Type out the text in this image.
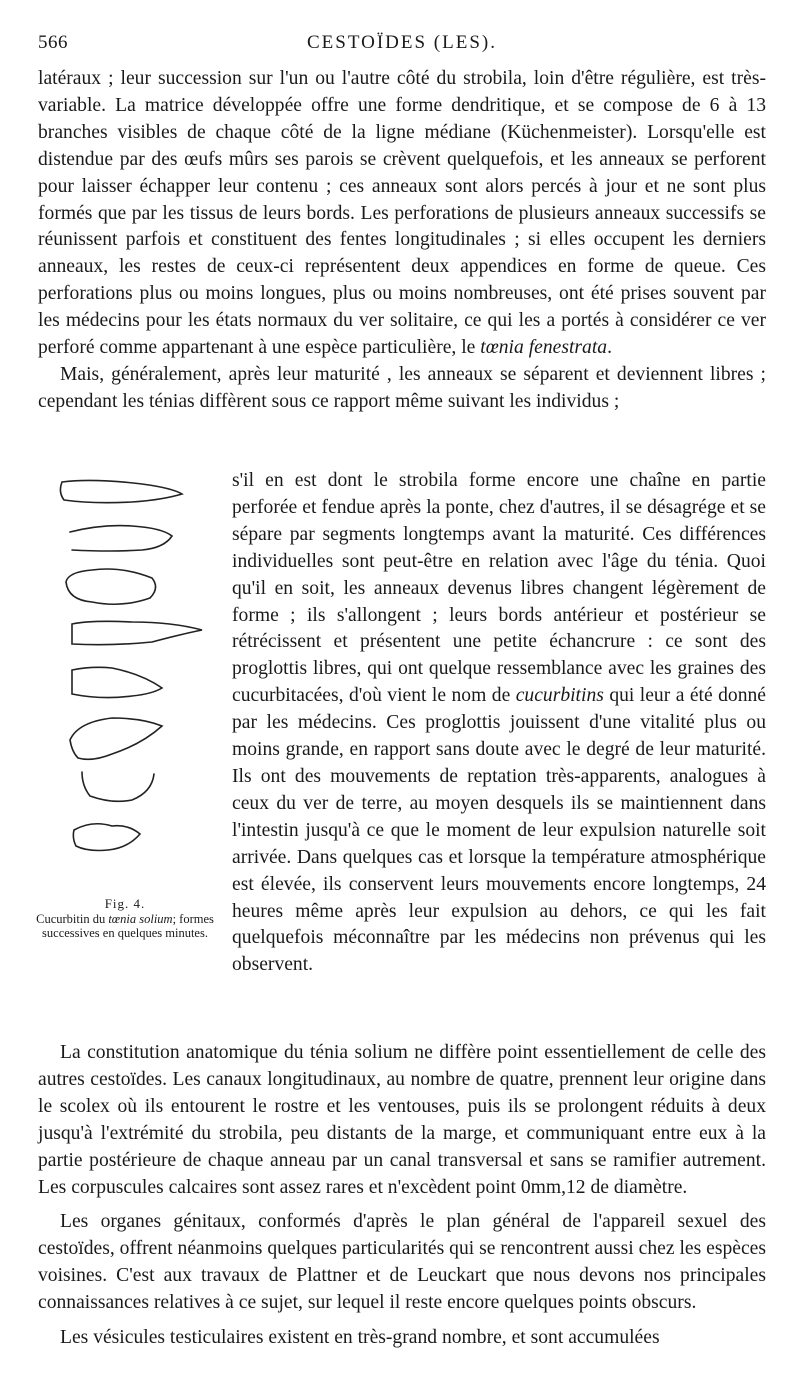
566	CESTOÏDES (LES).

latéraux ; leur succession sur l'un ou l'autre côté du strobila, loin d'être régulière, est très-variable. La matrice développée offre une forme dendritique, et se compose de 6 à 13 branches visibles de chaque côté de la ligne médiane (Küchenmeister). Lorsqu'elle est distendue par des œufs mûrs ses parois se crèvent quelquefois, et les anneaux se perforent pour laisser échapper leur contenu ; ces anneaux sont alors percés à jour et ne sont plus formés que par les tissus de leurs bords. Les perforations de plusieurs anneaux successifs se réunissent parfois et constituent des fentes longitudinales ; si elles occupent les derniers anneaux, les restes de ceux-ci représentent deux appendices en forme de queue. Ces perforations plus ou moins longues, plus ou moins nombreuses, ont été prises souvent par les médecins pour les états normaux du ver solitaire, ce qui les a portés à considérer ce ver perforé comme appartenant à une espèce particulière, le tœnia fenestrata.

Mais, généralement, après leur maturité , les anneaux se séparent et deviennent libres ; cependant les ténias diffèrent sous ce rapport même suivant les individus ;

Fig. 4.
Cucurbitin du tœnia solium; formes successives en quelques minutes.

s'il en est dont le strobila forme encore une chaîne en partie perforée et fendue après la ponte, chez d'autres, il se désagrége et se sépare par segments longtemps avant la maturité. Ces différences individuelles sont peut-être en relation avec l'âge du ténia. Quoi qu'il en soit, les anneaux devenus libres changent légèrement de forme ; ils s'allongent ; leurs bords antérieur et postérieur se rétrécissent et présentent une petite échancrure : ce sont des proglottis libres, qui ont quelque ressemblance avec les graines des cucurbitacées, d'où vient le nom de cucurbitins qui leur a été donné par les médecins. Ces proglottis jouissent d'une vitalité plus ou moins grande, en rapport sans doute avec le degré de leur maturité. Ils ont des mouvements de reptation très-apparents, analogues à ceux du ver de terre, au moyen desquels ils se maintiennent dans l'intestin jusqu'à ce que le moment de leur expulsion naturelle soit arrivée. Dans quelques cas et lorsque la température atmosphérique est élevée, ils conservent leurs mouvements encore longtemps, 24 heures même après leur expulsion au dehors, ce qui les fait quelquefois méconnaître par les médecins non prévenus qui les observent.

La constitution anatomique du ténia solium ne diffère point essentiellement de celle des autres cestoïdes. Les canaux longitudinaux, au nombre de quatre, prennent leur origine dans le scolex où ils entourent le rostre et les ventouses, puis ils se prolongent réduits à deux jusqu'à l'extrémité du strobila, peu distants de la marge, et communiquant entre eux à la partie postérieure de chaque anneau par un canal transversal et sans se ramifier autrement. Les corpuscules calcaires sont assez rares et n'excèdent point 0mm,12 de diamètre.

Les organes génitaux, conformés d'après le plan général de l'appareil sexuel des cestoïdes, offrent néanmoins quelques particularités qui se rencontrent aussi chez les espèces voisines. C'est aux travaux de Plattner et de Leuckart que nous devons nos principales connaissances relatives à ce sujet, sur lequel il reste encore quelques points obscurs.

Les vésicules testiculaires existent en très-grand nombre, et sont accumulées
